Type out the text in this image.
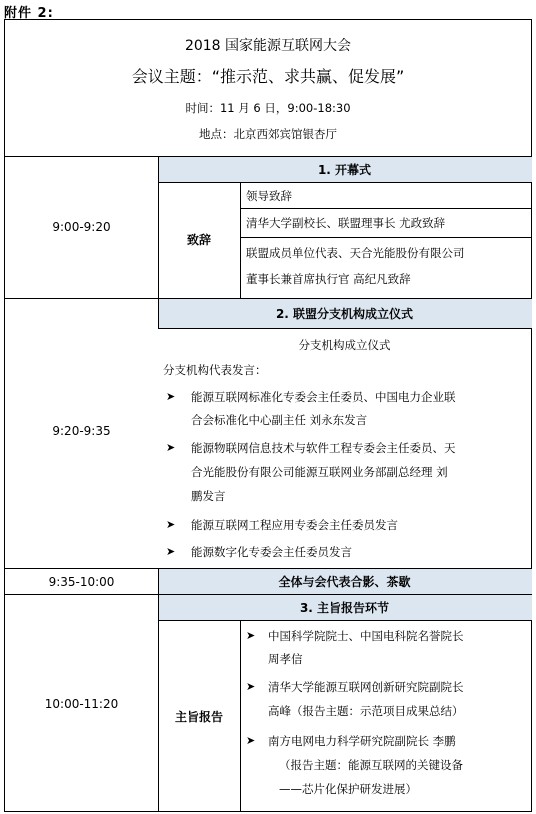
附件 2:
2018 国家能源互联网大会
会议主题：“推示范、求共赢、促发展”
时间：11 月 6 日，9:00-18:30
地点：北京西郊宾馆银杏厅
9:00-9:20
1. 开幕式
致辞
领导致辞
清华大学副校长、联盟理事长 尤政致辞
联盟成员单位代表、天合光能股份有限公司
董事长兼首席执行官 高纪凡致辞
9:20-9:35
2. 联盟分支机构成立仪式
分支机构成立仪式
分支机构代表发言：
➤ 能源互联网标准化专委会主任委员、中国电力企业联
合会标准化中心副主任 刘永东发言
➤ 能源物联网信息技术与软件工程专委会主任委员、天
合光能股份有限公司能源互联网业务部副总经理 刘
鹏发言
➤ 能源互联网工程应用专委会主任委员发言
➤ 能源数字化专委会主任委员发言
9:35-10:00	全体与会代表合影、茶歇
10:00-11:20
3. 主旨报告环节
主旨报告
➤ 中国科学院院士、中国电科院名誉院长
周孝信
➤ 清华大学能源互联网创新研究院副院长
高峰（报告主题：示范项目成果总结）
➤ 南方电网电力科学研究院副院长 李鹏
（报告主题：能源互联网的关键设备
——芯片化保护研发进展）
